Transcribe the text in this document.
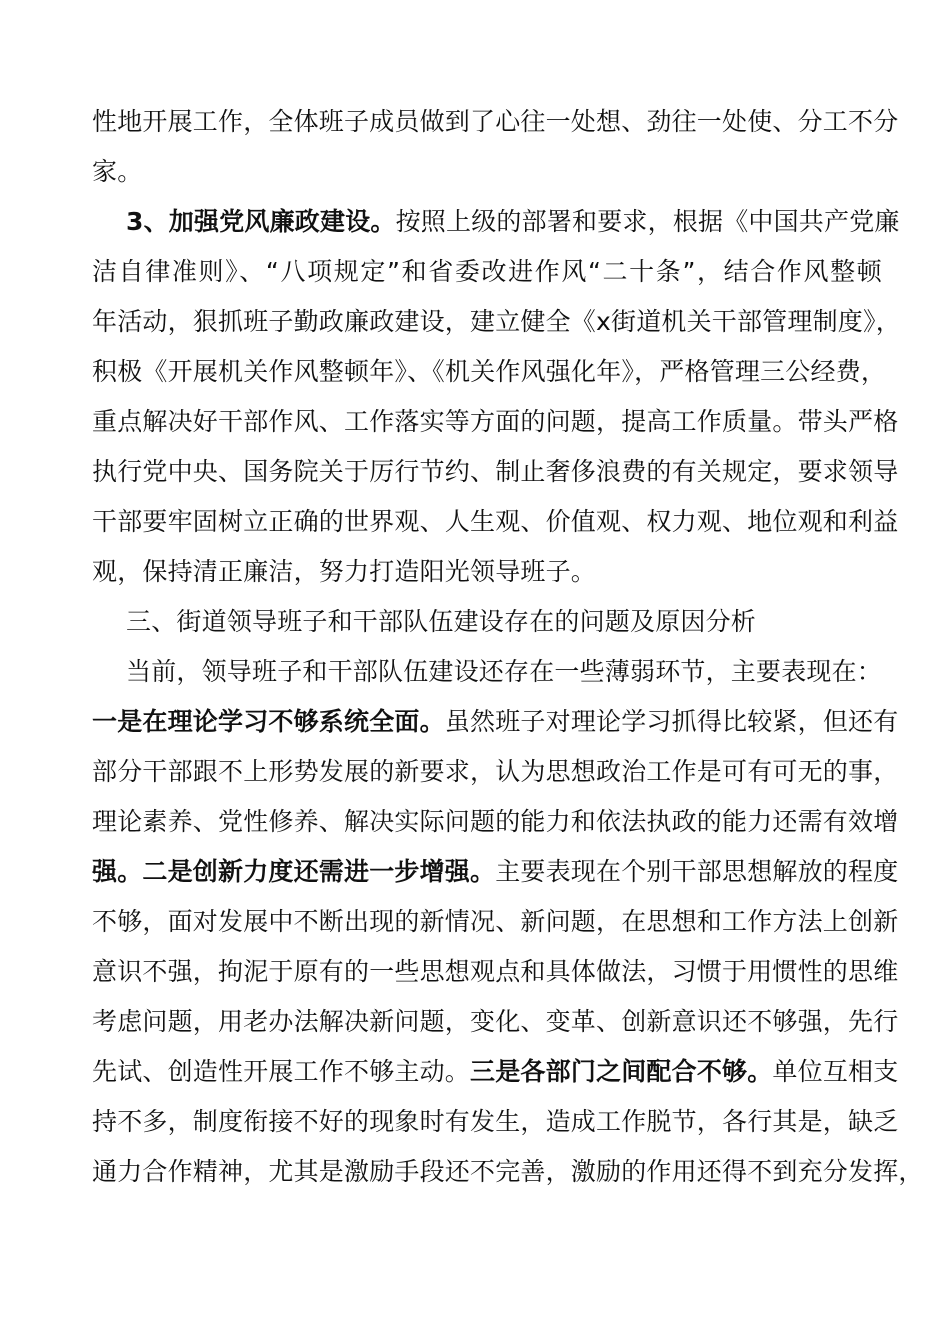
性地开展工作，全体班子成员做到了心往一处想、劲往一处使、分工不分
家。
3、加强党风廉政建设。按照上级的部署和要求，根据《中国共产党廉
洁自律准则》、“八项规定”和省委改进作风“二十条”，结合作风整顿
年活动，狠抓班子勤政廉政建设，建立健全《x街道机关干部管理制度》，
积极《开展机关作风整顿年》、《机关作风强化年》，严格管理三公经费，
重点解决好干部作风、工作落实等方面的问题，提高工作质量。带头严格
执行党中央、国务院关于厉行节约、制止奢侈浪费的有关规定，要求领导
干部要牢固树立正确的世界观、人生观、价值观、权力观、地位观和利益
观，保持清正廉洁，努力打造阳光领导班子。
三、街道领导班子和干部队伍建设存在的问题及原因分析
当前，领导班子和干部队伍建设还存在一些薄弱环节，主要表现在：
一是在理论学习不够系统全面。虽然班子对理论学习抓得比较紧，但还有
部分干部跟不上形势发展的新要求，认为思想政治工作是可有可无的事，
理论素养、党性修养、解决实际问题的能力和依法执政的能力还需有效增
强。二是创新力度还需进一步增强。主要表现在个别干部思想解放的程度
不够，面对发展中不断出现的新情况、新问题，在思想和工作方法上创新
意识不强，拘泥于原有的一些思想观点和具体做法，习惯于用惯性的思维
考虑问题，用老办法解决新问题，变化、变革、创新意识还不够强，先行
先试、创造性开展工作不够主动。三是各部门之间配合不够。单位互相支
持不多，制度衔接不好的现象时有发生，造成工作脱节，各行其是，缺乏
通力合作精神，尤其是激励手段还不完善，激励的作用还得不到充分发挥，
